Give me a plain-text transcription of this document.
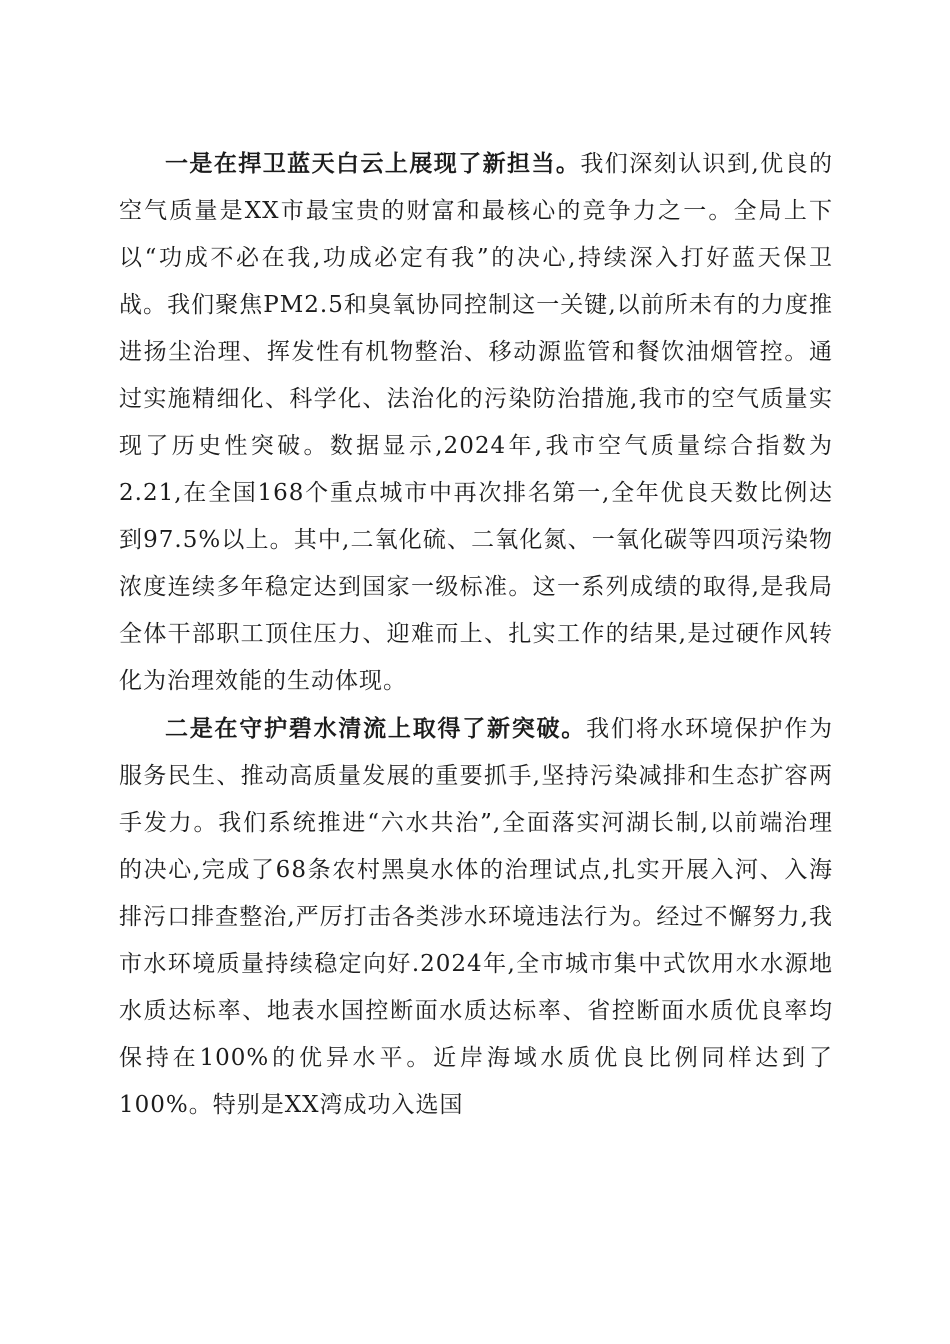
一是在捍卫蓝天白云上展现了新担当。我们深刻认识到,优良的空气质量是XX市最宝贵的财富和最核心的竞争力之一。全局上下以“功成不必在我,功成必定有我”的决心,持续深入打好蓝天保卫战。我们聚焦PM2.5和臭氧协同控制这一关键,以前所未有的力度推进扬尘治理、挥发性有机物整治、移动源监管和餐饮油烟管控。通过实施精细化、科学化、法治化的污染防治措施,我市的空气质量实现了历史性突破。数据显示,2024年,我市空气质量综合指数为2.21,在全国168个重点城市中再次排名第一,全年优良天数比例达到97.5%以上。其中,二氧化硫、二氧化氮、一氧化碳等四项污染物浓度连续多年稳定达到国家一级标准。这一系列成绩的取得,是我局全体干部职工顶住压力、迎难而上、扎实工作的结果,是过硬作风转化为治理效能的生动体现。

二是在守护碧水清流上取得了新突破。我们将水环境保护作为服务民生、推动高质量发展的重要抓手,坚持污染减排和生态扩容两手发力。我们系统推进“六水共治”,全面落实河湖长制,以前端治理的决心,完成了68条农村黑臭水体的治理试点,扎实开展入河、入海排污口排查整治,严厉打击各类涉水环境违法行为。经过不懈努力,我市水环境质量持续稳定向好.2024年,全市城市集中式饮用水水源地水质达标率、地表水国控断面水质达标率、省控断面水质优良率均保持在100%的优异水平。近岸海域水质优良比例同样达到了100%。特别是XX湾成功入选国
